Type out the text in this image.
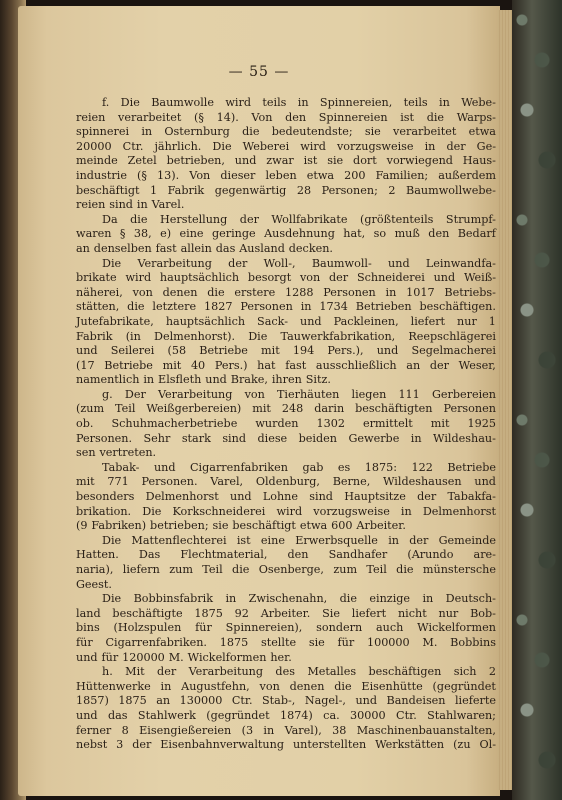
— 55 —
f. Die Baumwolle wird teils in Spinnereien, teils in Webe-
reien verarbeitet (§ 14). Von den Spinnereien ist die Warps-
spinnerei in Osternburg die bedeutendste; sie verarbeitet etwa
20000 Ctr. jährlich. Die Weberei wird vorzugsweise in der Ge-
meinde Zetel betrieben, und zwar ist sie dort vorwiegend Haus-
industrie (§ 13). Von dieser leben etwa 200 Familien; außerdem
beschäftigt 1 Fabrik gegenwärtig 28 Personen; 2 Baumwollwebe-
reien sind in Varel.
Da die Herstellung der Wollfabrikate (größtenteils Strumpf-
waren § 38, e) eine geringe Ausdehnung hat, so muß den Bedarf
an denselben fast allein das Ausland decken.
Die Verarbeitung der Woll-, Baumwoll- und Leinwandfa-
brikate wird hauptsächlich besorgt von der Schneiderei und Weiß-
näherei, von denen die erstere 1288 Personen in 1017 Betriebs-
stätten, die letztere 1827 Personen in 1734 Betrieben beschäftigen.
Jutefabrikate, hauptsächlich Sack- und Packleinen, liefert nur 1
Fabrik (in Delmenhorst). Die Tauwerkfabrikation, Reepschlägerei
und Seilerei (58 Betriebe mit 194 Pers.), und Segelmacherei
(17 Betriebe mit 40 Pers.) hat fast ausschließlich an der Weser,
namentlich in Elsfleth und Brake, ihren Sitz.
g. Der Verarbeitung von Tierhäuten liegen 111 Gerbereien
(zum Teil Weißgerbereien) mit 248 darin beschäftigten Personen
ob. Schuhmacherbetriebe wurden 1302 ermittelt mit 1925
Personen. Sehr stark sind diese beiden Gewerbe in Wildeshau-
sen vertreten.
Tabak- und Cigarrenfabriken gab es 1875: 122 Betriebe
mit 771 Personen. Varel, Oldenburg, Berne, Wildeshausen und
besonders Delmenhorst und Lohne sind Hauptsitze der Tabakfa-
brikation. Die Korkschneiderei wird vorzugsweise in Delmenhorst
(9 Fabriken) betrieben; sie beschäftigt etwa 600 Arbeiter.
Die Mattenflechterei ist eine Erwerbsquelle in der Gemeinde
Hatten. Das Flechtmaterial, den Sandhafer (Arundo are-
naria), liefern zum Teil die Osenberge, zum Teil die münstersche
Geest.
Die Bobbinsfabrik in Zwischenahn, die einzige in Deutsch-
land beschäftigte 1875 92 Arbeiter. Sie liefert nicht nur Bob-
bins (Holzspulen für Spinnereien), sondern auch Wickelformen
für Cigarrenfabriken. 1875 stellte sie für 100000 M. Bobbins
und für 120000 M. Wickelformen her.
h. Mit der Verarbeitung des Metalles beschäftigen sich 2
Hüttenwerke in Augustfehn, von denen die Eisenhütte (gegründet
1857) 1875 an 130000 Ctr. Stab-, Nagel-, und Bandeisen lieferte
und das Stahlwerk (gegründet 1874) ca. 30000 Ctr. Stahlwaren;
ferner 8 Eisengießereien (3 in Varel), 38 Maschinenbauanstalten,
nebst 3 der Eisenbahnverwaltung unterstellten Werkstätten (zu Ol-
